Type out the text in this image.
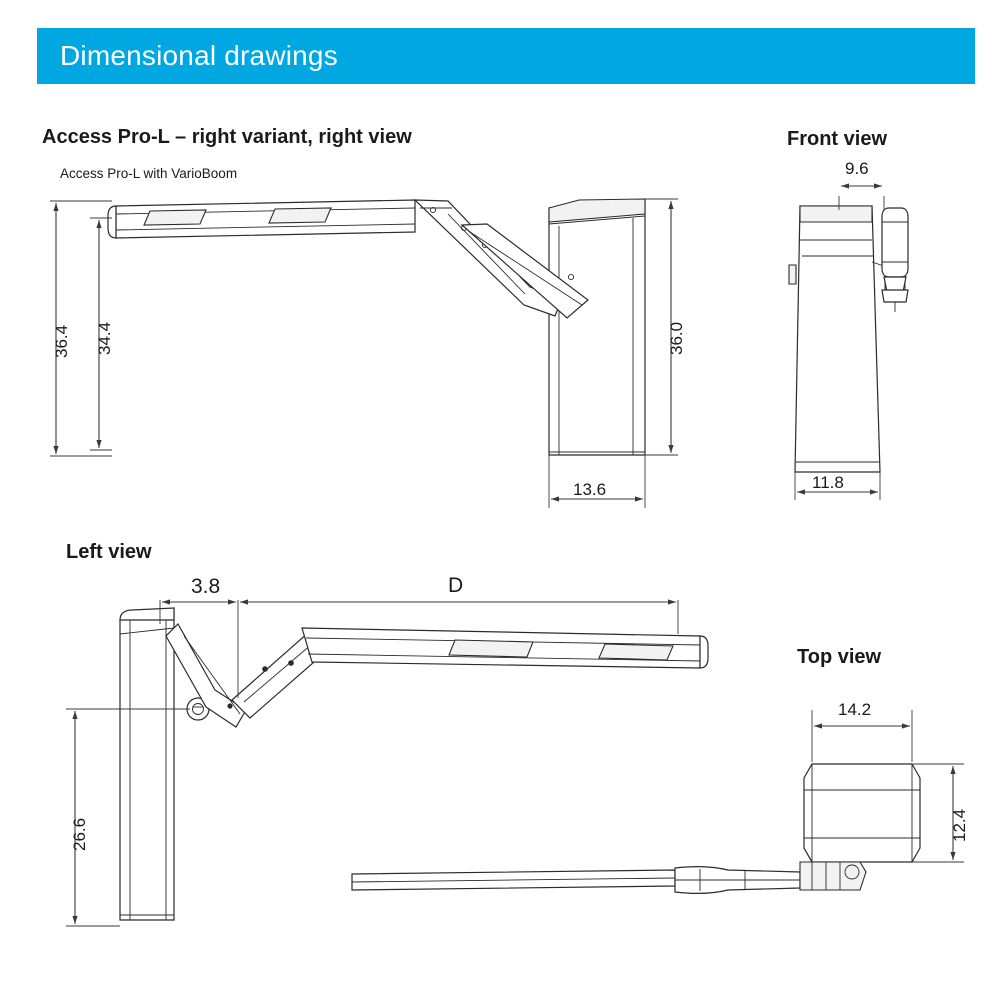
Dimensional drawings
Access Pro-L – right variant, right view
Access Pro-L with VarioBoom
Front view
Left view
Top view
36.4 34.4	36.0
13.6
9.6
11.8
3.8	D
26.6
14.2
12.4
